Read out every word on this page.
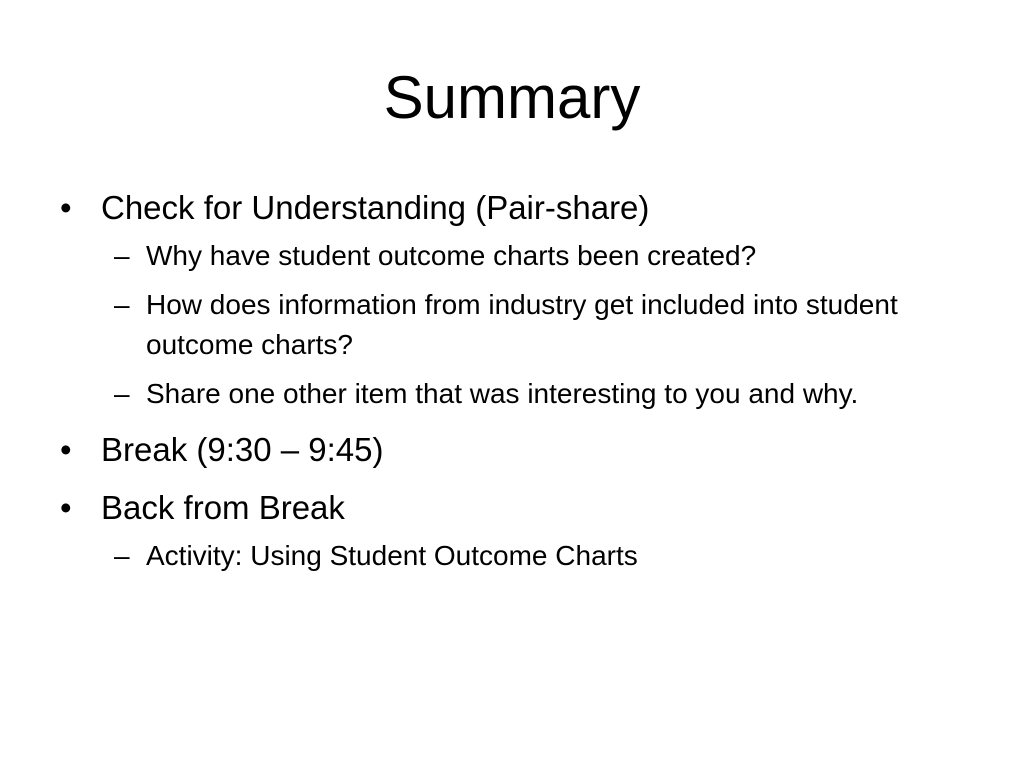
Summary
• Check for Understanding (Pair-share)
– Why have student outcome charts been created?
– How does information from industry get included into student outcome charts?
– Share one other item that was interesting to you and why.
• Break (9:30 – 9:45)
• Back from Break
– Activity: Using Student Outcome Charts
